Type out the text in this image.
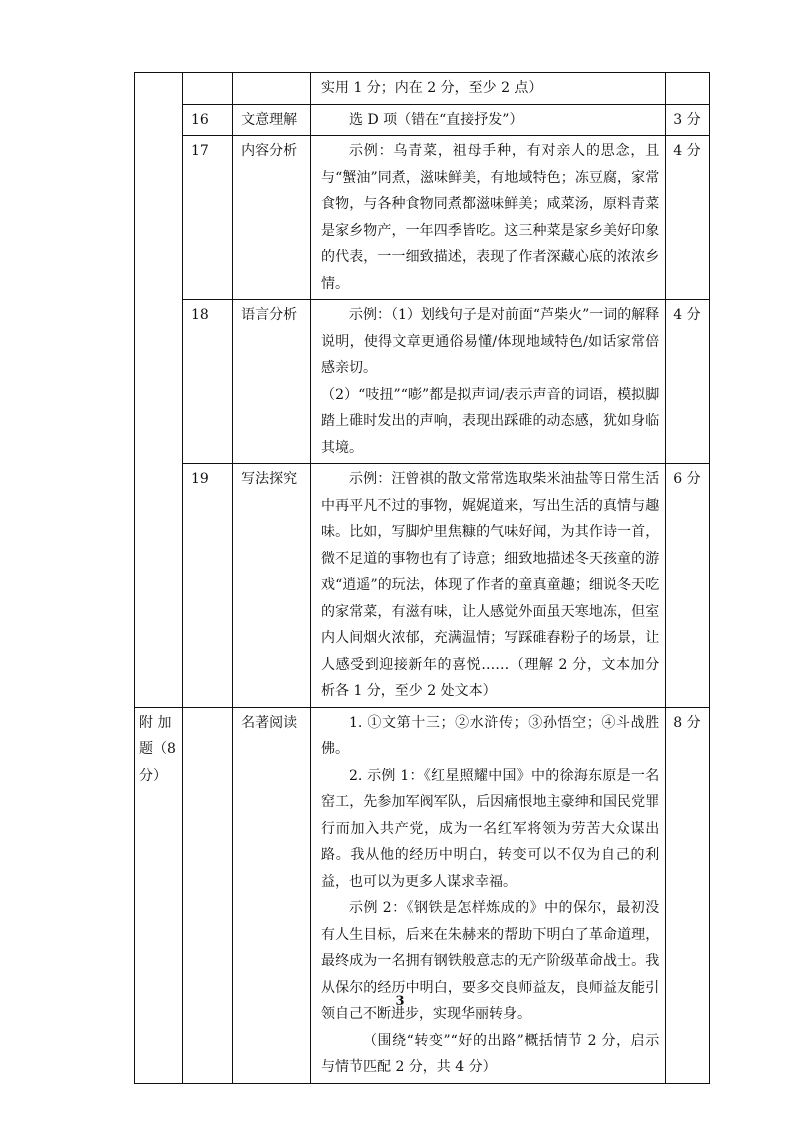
			实用 1 分；内在 2 分，至少 2 点）	

	16	文意理解	选 D 项（错在“直接抒发”）	3 分
	17	内容分析	示例：乌青菜，祖母手种，有对亲人的思念，且与“蟹油”同煮，滋味鲜美，有地域特色；冻豆腐，家常食物，与各种食物同煮都滋味鲜美；咸菜汤，原料青菜是家乡物产，一年四季皆吃。这三种菜是家乡美好印象的代表，一一细致描述，表现了作者深藏心底的浓浓乡情。	4 分
	18	语言分析	示例：（1）划线句子是对前面“芦柴火”一词的解释说明，使得文章更通俗易懂/体现地域特色/如话家常倍感亲切。

（2）“吱扭”“嘭”都是拟声词/表示声音的词语，模拟脚踏上碓时发出的声响，表现出踩碓的动态感，犹如身临其境。	4 分
	19	写法探究	示例：汪曾祺的散文常常选取柴米油盐等日常生活中再平凡不过的事物，娓娓道来，写出生活的真情与趣味。比如，写脚炉里焦糠的气味好闻，为其作诗一首，微不足道的事物也有了诗意；细致地描述冬天孩童的游戏“逍遥”的玩法，体现了作者的童真童趣；细说冬天吃的家常菜，有滋有味，让人感觉外面虽天寒地冻，但室内人间烟火浓郁，充满温情；写踩碓舂粉子的场景，让人感受到迎接新年的喜悦……（理解 2 分，文本加分析各 1 分，至少 2 处文本）	6 分
附 加 题（8 分）		名著阅读	1. ①文第十三；②水浒传；③孙悟空；④斗战胜佛。

2. 示例 1：《红星照耀中国》中的徐海东原是一名窑工，先参加军阀军队，后因痛恨地主豪绅和国民党罪行而加入共产党，成为一名红军将领为劳苦大众谋出路。我从他的经历中明白，转变可以不仅为自己的利益，也可以为更多人谋求幸福。

示例 2：《钢铁是怎样炼成的》中的保尔，最初没有人生目标，后来在朱赫来的帮助下明白了革命道理，最终成为一名拥有钢铁般意志的无产阶级革命战士。我从保尔的经历中明白，要多交良师益友，良师益友能引领自己不断进步，实现华丽转身。

（围绕“转变”“好的出路”概括情节 2 分，启示与情节匹配 2 分，共 4 分）	8 分
3
